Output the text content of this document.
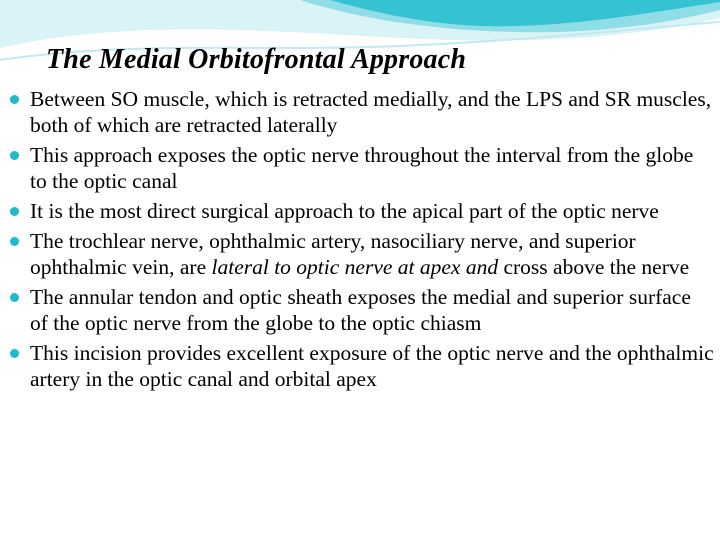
The Medial Orbitofrontal Approach
Between SO muscle, which is retracted medially, and the LPS and SR muscles, both of which are retracted laterally
This approach exposes the optic nerve throughout the interval from the globe to the optic canal
It is the most direct surgical approach to the apical part of the optic nerve
The trochlear nerve, ophthalmic artery, nasociliary nerve, and superior ophthalmic vein, are lateral to optic nerve at apex and cross above the nerve
The annular tendon and optic sheath exposes the medial and superior surface of the optic nerve from the globe to the optic chiasm
This incision provides excellent exposure of the optic nerve and the ophthalmic artery in the optic canal and orbital apex
